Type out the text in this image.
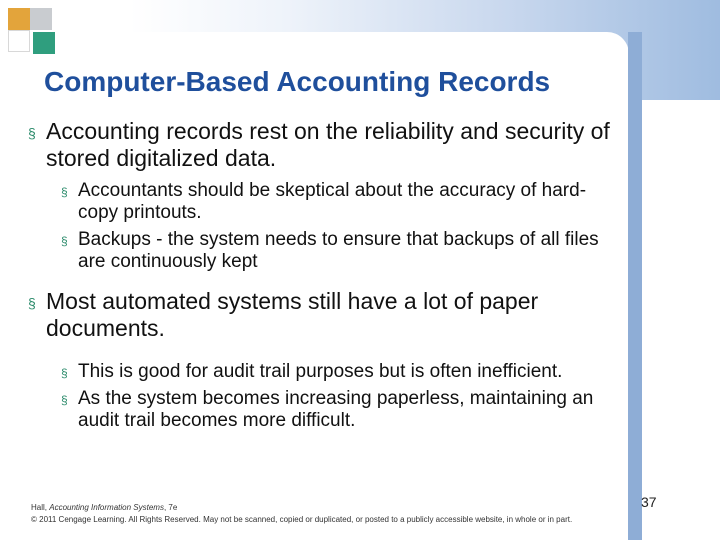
Computer-Based Accounting Records

§ Accounting records rest on the reliability and security of stored digitalized data.

§ Accountants should be skeptical about the accuracy of hard-copy printouts.

§ Backups - the system needs to ensure that backups of all files are continuously kept

§ Most automated systems still have a lot of paper documents.

§ This is good for audit trail purposes but is often inefficient.

§ As the system becomes increasing paperless, maintaining an audit trail becomes more difficult.

Hall, Accounting Information Systems, 7e
© 2011 Cengage Learning. All Rights Reserved. May not be scanned, copied or duplicated, or posted to a publicly accessible website, in whole or in part.
37
